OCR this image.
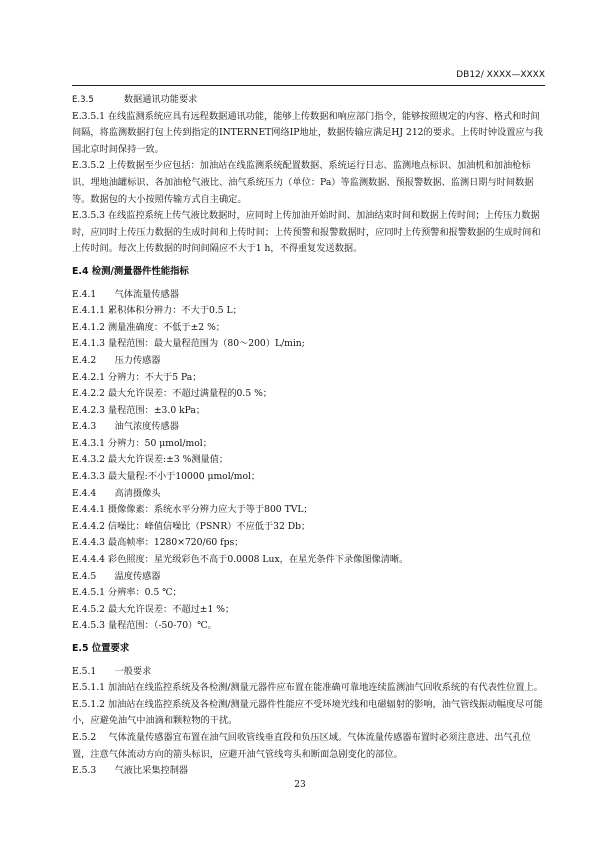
DB12/ XXXX—XXXX

E.3.5	数据通讯功能要求

E.3.5.1 在线监测系统应具有远程数据通讯功能，能够上传数据和响应部门指令，能够按照规定的内容、格式和时间间隔，将监测数据打包上传到指定的INTERNET网络IP地址，数据传输应满足HJ 212的要求。上传时钟设置应与我国北京时间保持一致。

E.3.5.2 上传数据至少应包括：加油站在线监测系统配置数据、系统运行日志、监测地点标识、加油机和加油枪标识、埋地油罐标识、各加油枪气液比、油气系统压力（单位：Pa）等监测数据、预报警数据、监测日期与时间数据等。数据包的大小按照传输方式自主确定。

E.3.5.3 在线监控系统上传气液比数据时，应同时上传加油开始时间、加油结束时间和数据上传时间；上传压力数据时，应同时上传压力数据的生成时间和上传时间；上传预警和报警数据时，应同时上传预警和报警数据的生成时间和上传时间。每次上传数据的时间间隔应不大于1 h，不得重复发送数据。

E.4 检测/测量器件性能指标

E.4.1　　气体流量传感器

E.4.1.1 累积体积分辨力：不大于0.5 L；

E.4.1.2 测量准确度：不低于±2 %；

E.4.1.3 量程范围：最大量程范围为（80～200）L/min;

E.4.2　　压力传感器

E.4.2.1 分辨力：不大于5 Pa；

E.4.2.2 最大允许误差：不超过满量程的0.5 %；

E.4.2.3 量程范围：±3.0 kPa；

E.4.3　　油气浓度传感器

E.4.3.1 分辨力：50 μmol/mol；

E.4.3.2 最大允许误差:±3 %测量值；

E.4.3.3 最大量程:不小于10000 μmol/mol；

E.4.4　　高清摄像头

E.4.4.1 摄像像素：系统水平分辨力应大于等于800 TVL；

E.4.4.2 信噪比：峰值信噪比（PSNR）不应低于32 Db；

E.4.4.3 最高帧率：1280×720/60 fps；

E.4.4.4 彩色照度：星光级彩色不高于0.0008 Lux，在星光条件下录像图像清晰。

E.4.5　　温度传感器

E.4.5.1 分辨率：0.5 ℃；

E.4.5.2 最大允许误差：不超过±1 %；

E.4.5.3 量程范围：（-50-70）℃。

E.5 位置要求

E.5.1　　一般要求

E.5.1.1 加油站在线监控系统及各检测/测量元器件应布置在能准确可靠地连续监测油气回收系统的有代表性位置上。

E.5.1.2 加油站在线监控系统及各检测/测量元器件性能应不受环境光线和电磁辐射的影响，油气管线振动幅度尽可能小，应避免油气中油滴和颗粒物的干扰。

E.5.2　 气体流量传感器宜布置在油气回收管线垂直段和负压区域。气体流量传感器布置时必须注意进、出气孔位置，注意气体流动方向的箭头标识，应避开油气管线弯头和断面急剧变化的部位。

E.5.3　　气液比采集控制器

23
